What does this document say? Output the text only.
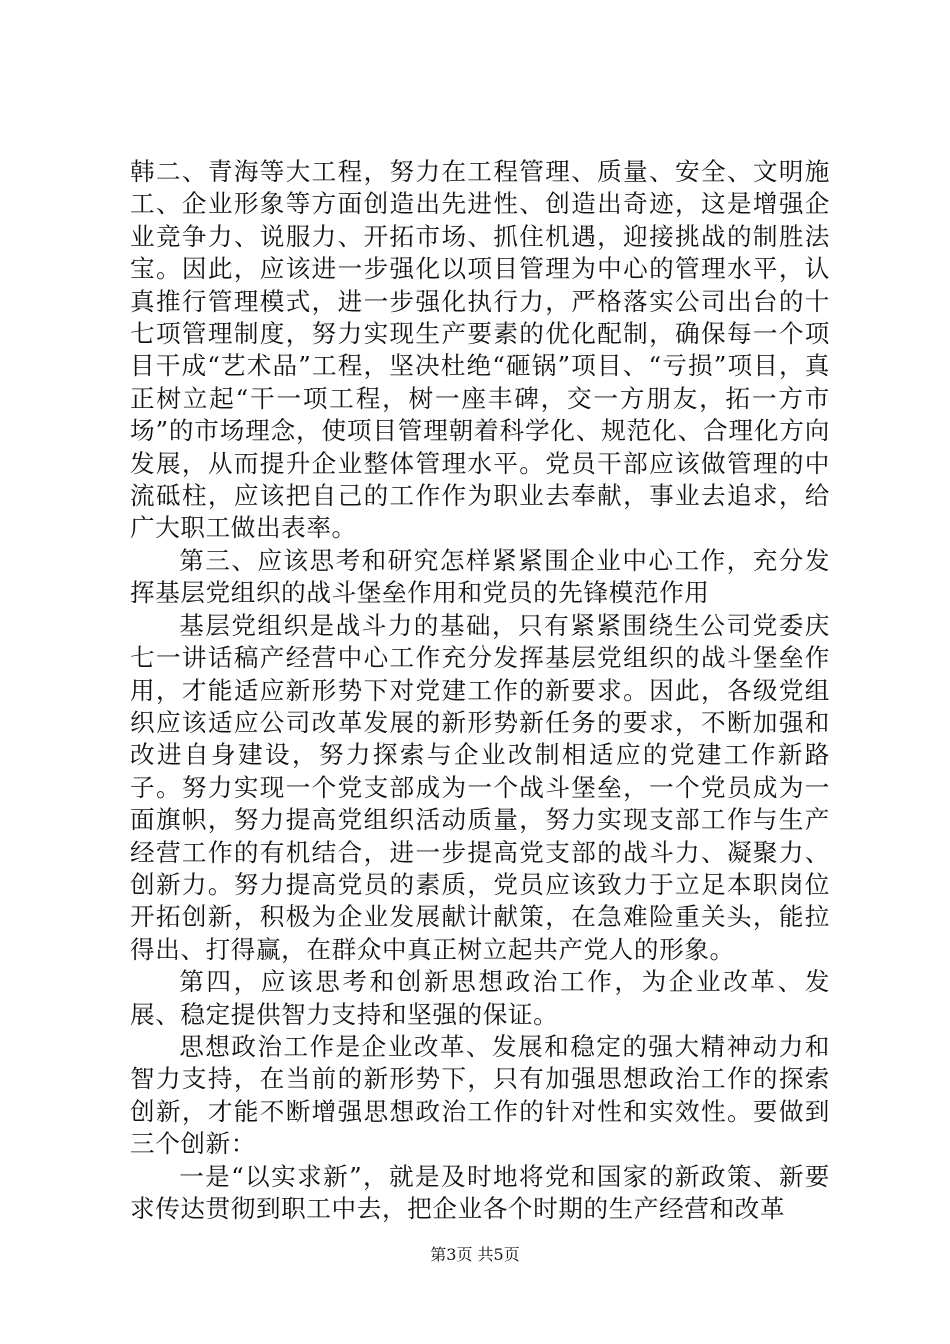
韩二、青海等大工程，努力在工程管理、质量、安全、文明施工、企业形象等方面创造出先进性、创造出奇迹，这是增强企业竞争力、说服力、开拓市场、抓住机遇，迎接挑战的制胜法宝。因此，应该进一步强化以项目管理为中心的管理水平，认真推行管理模式，进一步强化执行力，严格落实公司出台的十七项管理制度，努力实现生产要素的优化配制，确保每一个项目干成“艺术品”工程，坚决杜绝“砸锅”项目、“亏损”项目，真正树立起“干一项工程，树一座丰碑，交一方朋友，拓一方市场”的市场理念，使项目管理朝着科学化、规范化、合理化方向发展，从而提升企业整体管理水平。党员干部应该做管理的中流砥柱，应该把自己的工作作为职业去奉献，事业去追求，给广大职工做出表率。

第三、应该思考和研究怎样紧紧围企业中心工作，充分发挥基层党组织的战斗堡垒作用和党员的先锋模范作用

基层党组织是战斗力的基础，只有紧紧围绕生公司党委庆七一讲话稿产经营中心工作充分发挥基层党组织的战斗堡垒作用，才能适应新形势下对党建工作的新要求。因此，各级党组织应该适应公司改革发展的新形势新任务的要求，不断加强和改进自身建设，努力探索与企业改制相适应的党建工作新路子。努力实现一个党支部成为一个战斗堡垒，一个党员成为一面旗帜，努力提高党组织活动质量，努力实现支部工作与生产经营工作的有机结合，进一步提高党支部的战斗力、凝聚力、创新力。努力提高党员的素质，党员应该致力于立足本职岗位开拓创新，积极为企业发展献计献策，在急难险重关头，能拉得出、打得赢，在群众中真正树立起共产党人的形象。

第四，应该思考和创新思想政治工作，为企业改革、发展、稳定提供智力支持和坚强的保证。

思想政治工作是企业改革、发展和稳定的强大精神动力和智力支持，在当前的新形势下，只有加强思想政治工作的探索创新，才能不断增强思想政治工作的针对性和实效性。要做到三个创新：

一是“以实求新”，就是及时地将党和国家的新政策、新要求传达贯彻到职工中去，把企业各个时期的生产经营和改革

第3页 共5页
